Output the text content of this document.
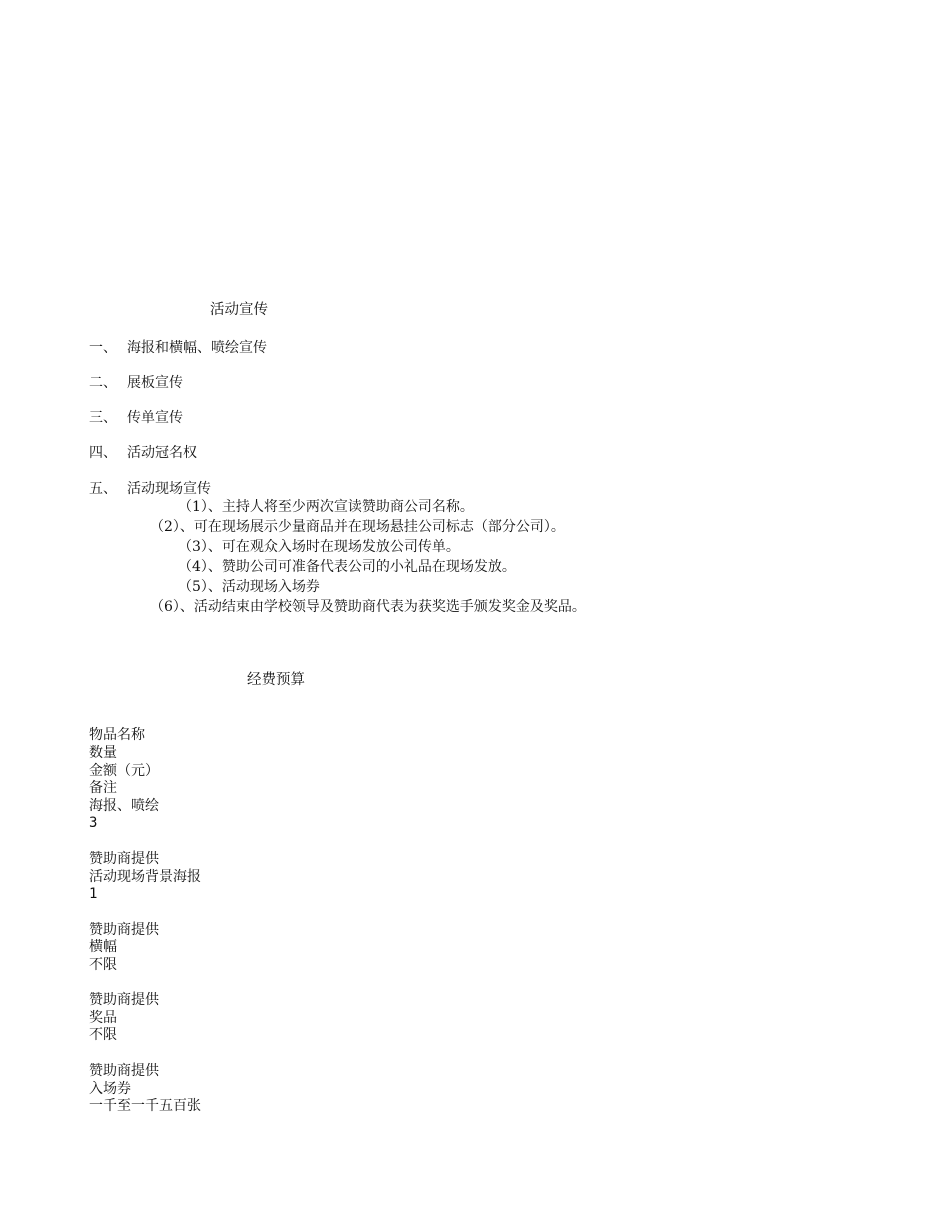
活动宣传
一、 海报和横幅、喷绘宣传
二、 展板宣传
三、 传单宣传
四、 活动冠名权
五、 活动现场宣传
（1）、主持人将至少两次宣读赞助商公司名称。
（2）、可在现场展示少量商品并在现场悬挂公司标志（部分公司）。
（3）、可在观众入场时在现场发放公司传单。
（4）、赞助公司可准备代表公司的小礼品在现场发放。
（5）、活动现场入场券
（6）、活动结束由学校领导及赞助商代表为获奖选手颁发奖金及奖品。
经费预算
物品名称
数量
金额（元）
备注
海报、喷绘
3
赞助商提供
活动现场背景海报
1
赞助商提供
横幅
不限
赞助商提供
奖品
不限
赞助商提供
入场券
一千至一千五百张
